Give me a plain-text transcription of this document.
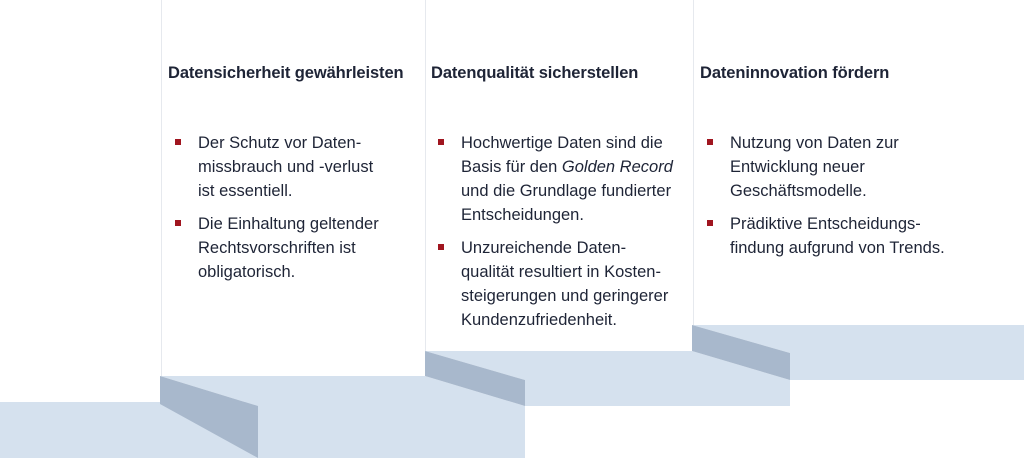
Datensicherheit gewährleisten
Der Schutz vor Daten-
missbrauch und -verlust
ist essentiell.
Die Einhaltung geltender
Rechtsvorschriften ist
obligatorisch.
Datenqualität sicherstellen
Hochwertige Daten sind die
Basis für den Golden Record
und die Grundlage fundierter
Entscheidungen.
Unzureichende Daten-
qualität resultiert in Kosten-
steigerungen und geringerer
Kundenzufriedenheit.
Dateninnovation fördern
Nutzung von Daten zur
Entwicklung neuer
Geschäftsmodelle.
Prädiktive Entscheidungs-
findung aufgrund von Trends.
